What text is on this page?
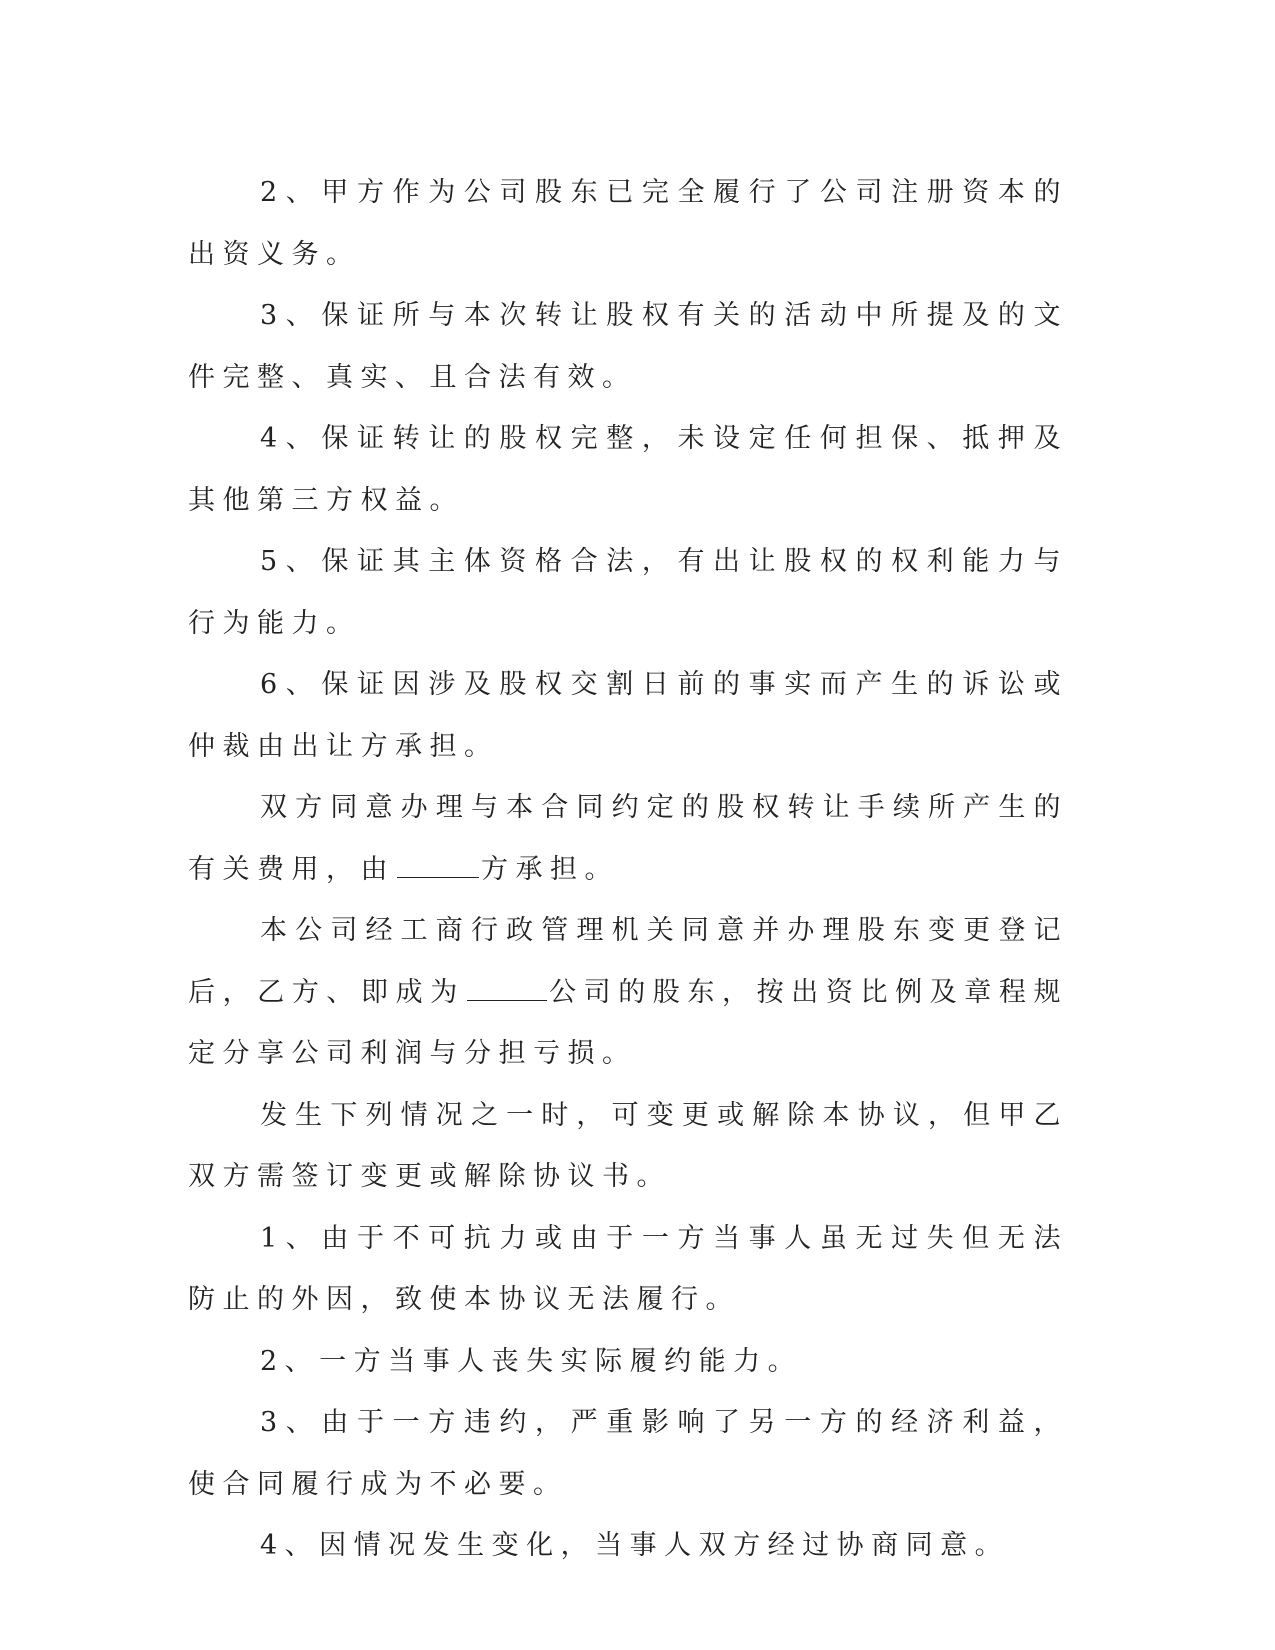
2、甲方作为公司股东已完全履行了公司注册资本的出资义务。

3、保证所与本次转让股权有关的活动中所提及的文件完整、真实、且合法有效。

4、保证转让的股权完整，未设定任何担保、抵押及其他第三方权益。

5、保证其主体资格合法，有出让股权的权利能力与行为能力。

6、保证因涉及股权交割日前的事实而产生的诉讼或仲裁由出让方承担。

双方同意办理与本合同约定的股权转让手续所产生的有关费用，由	方承担。

本公司经工商行政管理机关同意并办理股东变更登记后，乙方、即成为	公司的股东，按出资比例及章程规定分享公司利润与分担亏损。

发生下列情况之一时，可变更或解除本协议，但甲乙双方需签订变更或解除协议书。

1、由于不可抗力或由于一方当事人虽无过失但无法防止的外因，致使本协议无法履行。

2、一方当事人丧失实际履约能力。

3、由于一方违约，严重影响了另一方的经济利益，使合同履行成为不必要。

4、因情况发生变化，当事人双方经过协商同意。
